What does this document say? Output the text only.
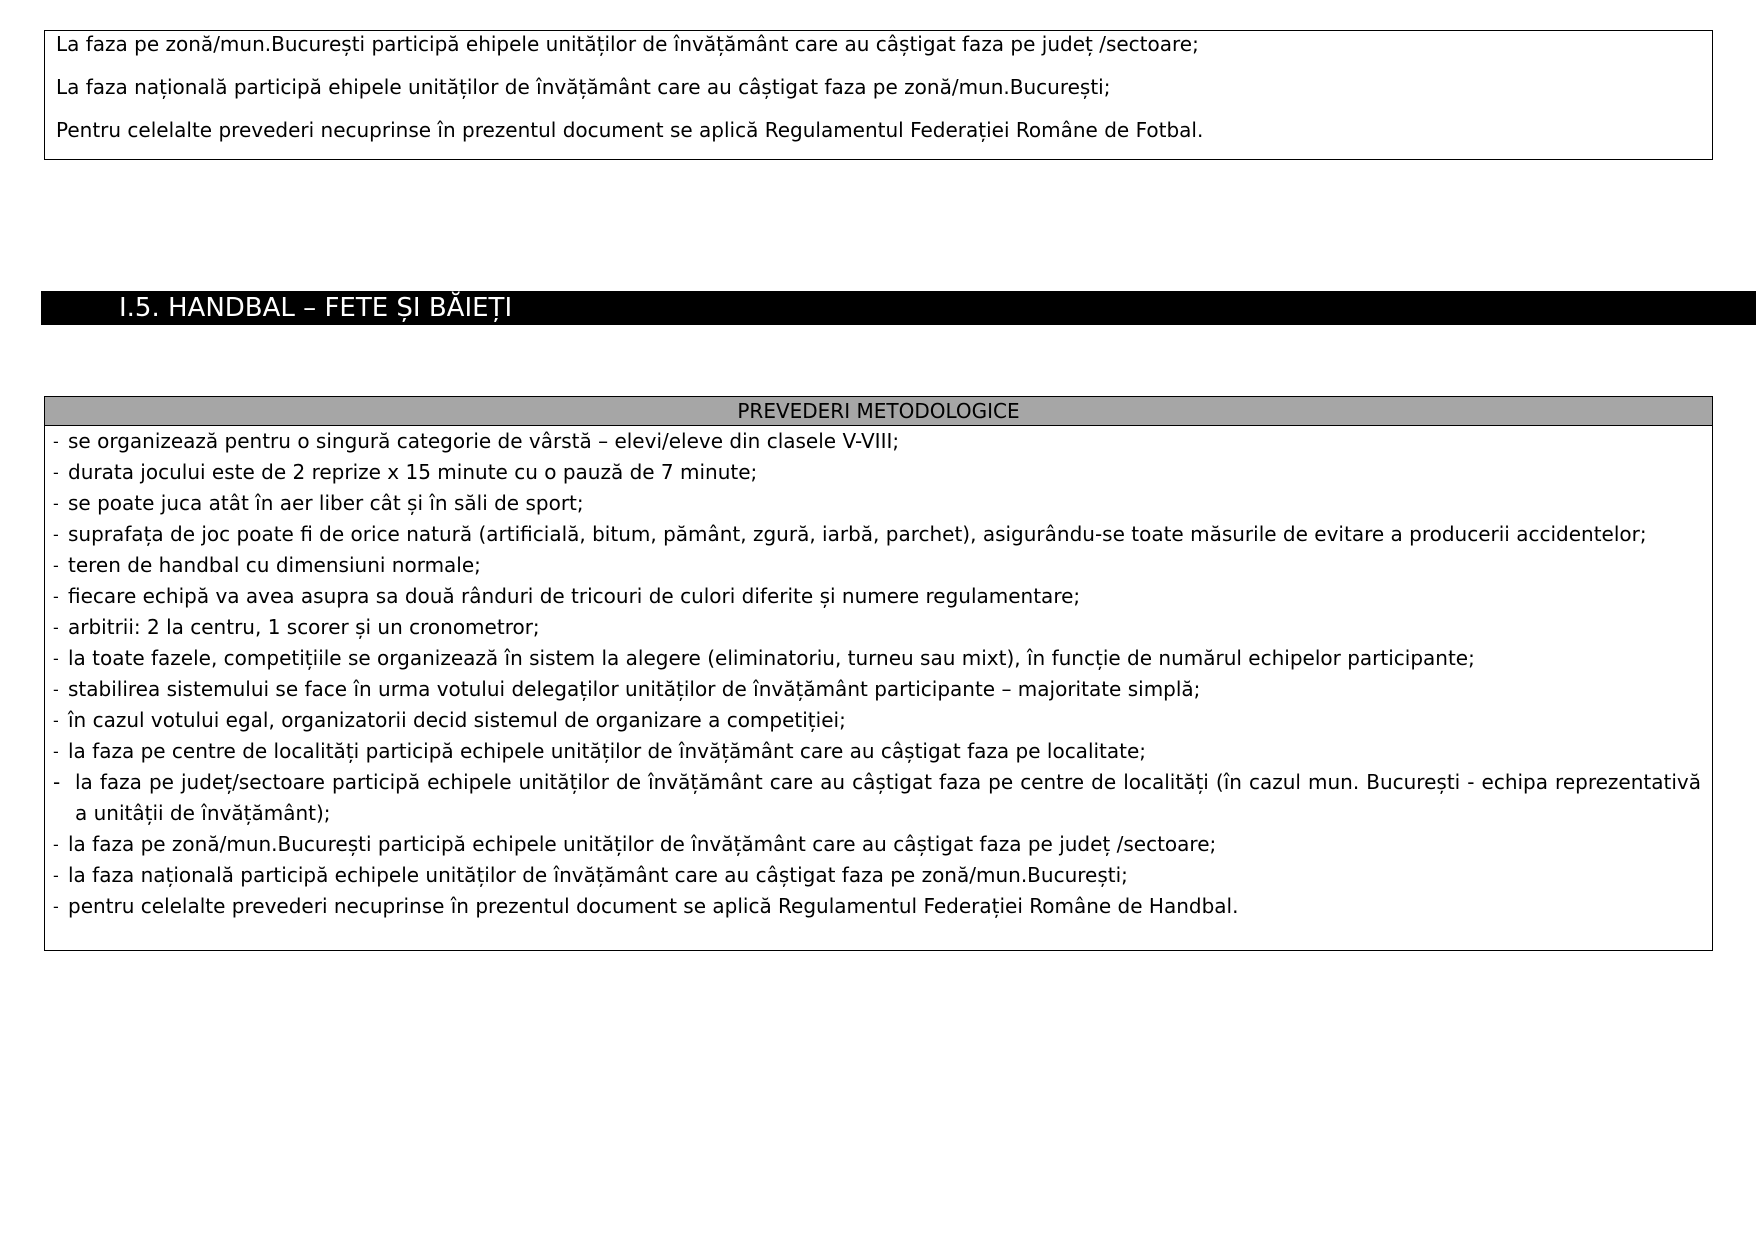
La faza pe zonă/mun.București participă ehipele unităților de învățământ care au câștigat faza pe județ /sectoare;

La faza națională participă ehipele unităților de învățământ care au câștigat faza pe zonă/mun.București;

Pentru celelalte prevederi necuprinse în prezentul document se aplică Regulamentul Federației Române de Fotbal.

I.5. HANDBAL – FETE ȘI BĂIEȚI
PREVEDERI METODOLOGICE
- se organizează pentru o singură categorie de vârstă – elevi/eleve din clasele V-VIII;
- durata jocului este de 2 reprize x 15 minute cu o pauză de 7 minute;
- se poate juca atât în aer liber cât și în săli de sport;
- suprafața de joc poate fi de orice natură (artificială, bitum, pământ, zgură, iarbă, parchet), asigurându-se toate măsurile de evitare a producerii accidentelor;
- teren de handbal cu dimensiuni normale;
- fiecare echipă va avea asupra sa două rânduri de tricouri de culori diferite și numere regulamentare;
- arbitrii: 2 la centru, 1 scorer și un cronometror;
- la toate fazele, competițiile se organizează în sistem la alegere (eliminatoriu, turneu sau mixt), în funcție de numărul echipelor participante;
- stabilirea sistemului se face în urma votului delegaților unităților de învățământ participante – majoritate simplă;
- în cazul votului egal, organizatorii decid sistemul de organizare a competiției;
- la faza pe centre de localități participă echipele unităților de învățământ care au câștigat faza pe localitate;
- la faza pe județ/sectoare participă echipele unităților de învățământ care au câștigat faza pe centre de localități (în cazul mun. București - echipa reprezentativă a unitâții de învățământ);
- la faza pe zonă/mun.București participă echipele unităților de învățământ care au câștigat faza pe județ /sectoare;
- la faza națională participă echipele unităților de învățământ care au câștigat faza pe zonă/mun.București;
- pentru celelalte prevederi necuprinse în prezentul document se aplică Regulamentul Federației Române de Handbal.
